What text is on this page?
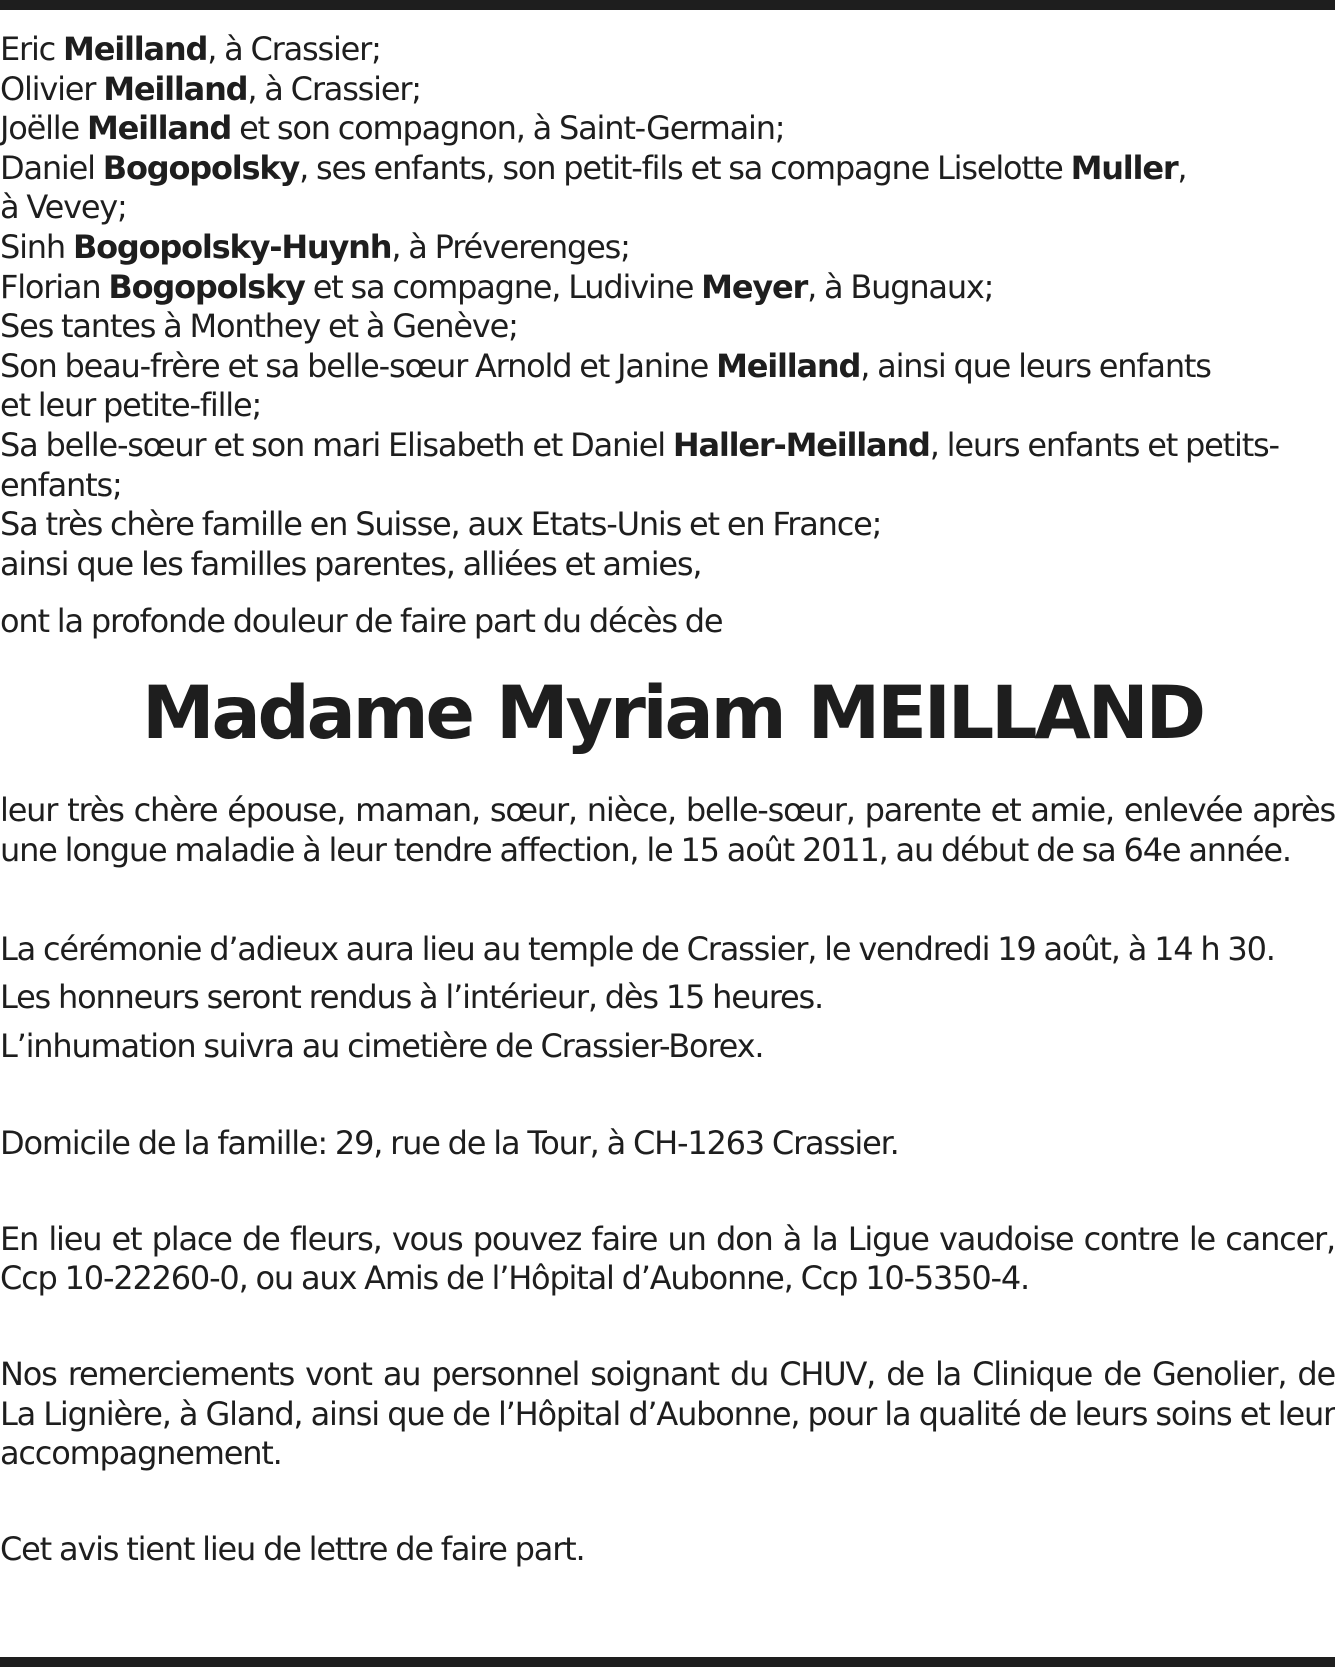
Eric Meilland, à Crassier;
Olivier Meilland, à Crassier;
Joëlle Meilland et son compagnon, à Saint-Germain;
Daniel Bogopolsky, ses enfants, son petit-fils et sa compagne Liselotte Muller,
à Vevey;
Sinh Bogopolsky-Huynh, à Préverenges;
Florian Bogopolsky et sa compagne, Ludivine Meyer, à Bugnaux;
Ses tantes à Monthey et à Genève;
Son beau-frère et sa belle-sœur Arnold et Janine Meilland, ainsi que leurs enfants
et leur petite-fille;
Sa belle-sœur et son mari Elisabeth et Daniel Haller-Meilland, leurs enfants et petits-
enfants;
Sa très chère famille en Suisse, aux Etats-Unis et en France;
ainsi que les familles parentes, alliées et amies,
ont la profonde douleur de faire part du décès de
Madame Myriam MEILLAND

leur très chère épouse, maman, sœur, nièce, belle-sœur, parente et amie, enlevée après une longue maladie à leur tendre affection, le 15 août 2011, au début de sa 64e année.

La cérémonie d’adieux aura lieu au temple de Crassier, le vendredi 19 août, à 14 h 30.

Les honneurs seront rendus à l’intérieur, dès 15 heures.

L’inhumation suivra au cimetière de Crassier-Borex.

Domicile de la famille: 29, rue de la Tour, à CH-1263 Crassier.

En lieu et place de fleurs, vous pouvez faire un don à la Ligue vaudoise contre le cancer, Ccp 10-22260-0, ou aux Amis de l’Hôpital d’Aubonne, Ccp 10-5350-4.

Nos remerciements vont au personnel soignant du CHUV, de la Clinique de Genolier, de La Lignière, à Gland, ainsi que de l’Hôpital d’Aubonne, pour la qualité de leurs soins et leur accompagnement.

Cet avis tient lieu de lettre de faire part.
